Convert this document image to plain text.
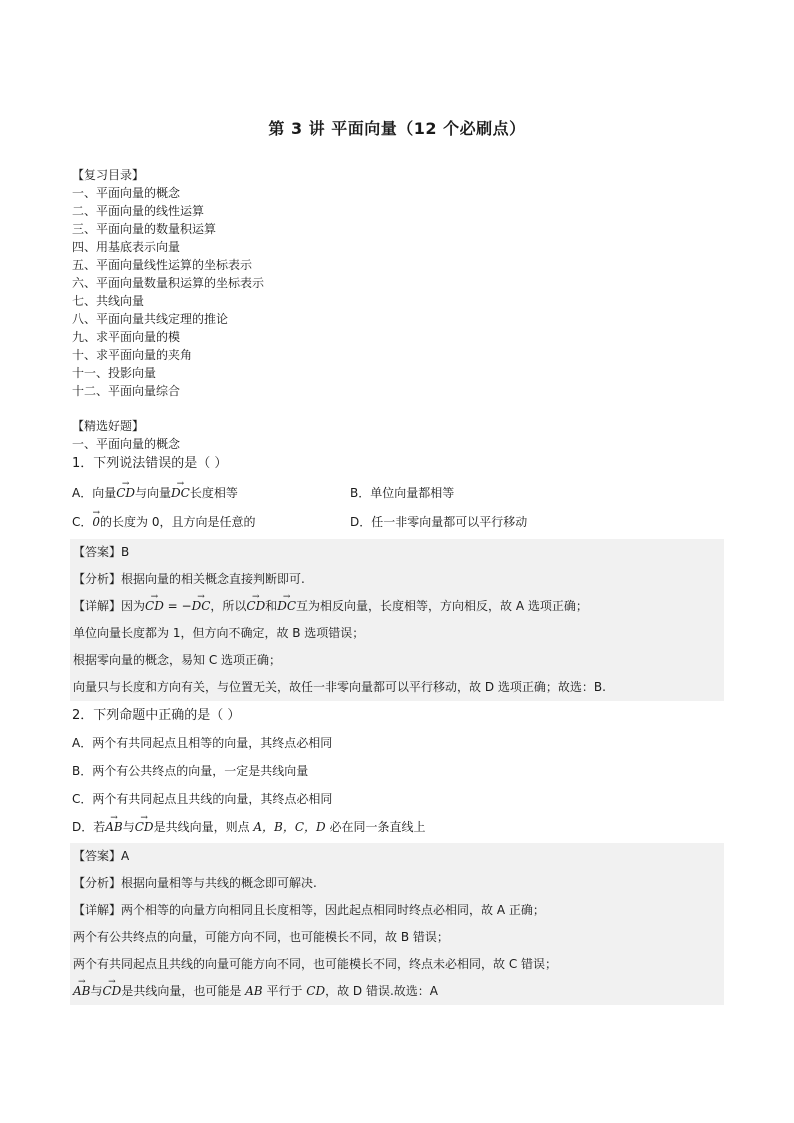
第 3 讲 平面向量（12 个必刷点）
【复习目录】
一、平面向量的概念
二、平面向量的线性运算
三、平面向量的数量积运算
四、用基底表示向量
五、平面向量线性运算的坐标表示
六、平面向量数量积运算的坐标表示
七、共线向量
八、平面向量共线定理的推论
九、求平面向量的模
十、求平面向量的夹角
十一、投影向量
十二、平面向量综合
【精选好题】
一、平面向量的概念
1．下列说法错误的是（ ）
A．向量→ CD与向量→ DC长度相等	B．单位向量都相等
C．→ 0的长度为 0，且方向是任意的	D．任一非零向量都可以平行移动
【答案】B
【分析】根据向量的相关概念直接判断即可.
【详解】因为→ CD = −→ DC，所以→ CD和→ DC互为相反向量，长度相等，方向相反，故 A 选项正确；
单位向量长度都为 1，但方向不确定，故 B 选项错误；
根据零向量的概念，易知 C 选项正确；
向量只与长度和方向有关，与位置无关，故任一非零向量都可以平行移动，故 D 选项正确；故选：B.
2．下列命题中正确的是（ ）
A．两个有共同起点且相等的向量，其终点必相同
B．两个有公共终点的向量，一定是共线向量
C．两个有共同起点且共线的向量，其终点必相同
D．若→ AB与→ CD是共线向量，则点 A，B，C，D 必在同一条直线上
【答案】A
【分析】根据向量相等与共线的概念即可解决.
【详解】两个相等的向量方向相同且长度相等，因此起点相同时终点必相同，故 A 正确；
两个有公共终点的向量，可能方向不同，也可能模长不同，故 B 错误；
两个有共同起点且共线的向量可能方向不同，也可能模长不同，终点未必相同，故 C 错误；
→ AB与→ CD是共线向量，也可能是 AB 平行于 CD，故 D 错误.故选：A
